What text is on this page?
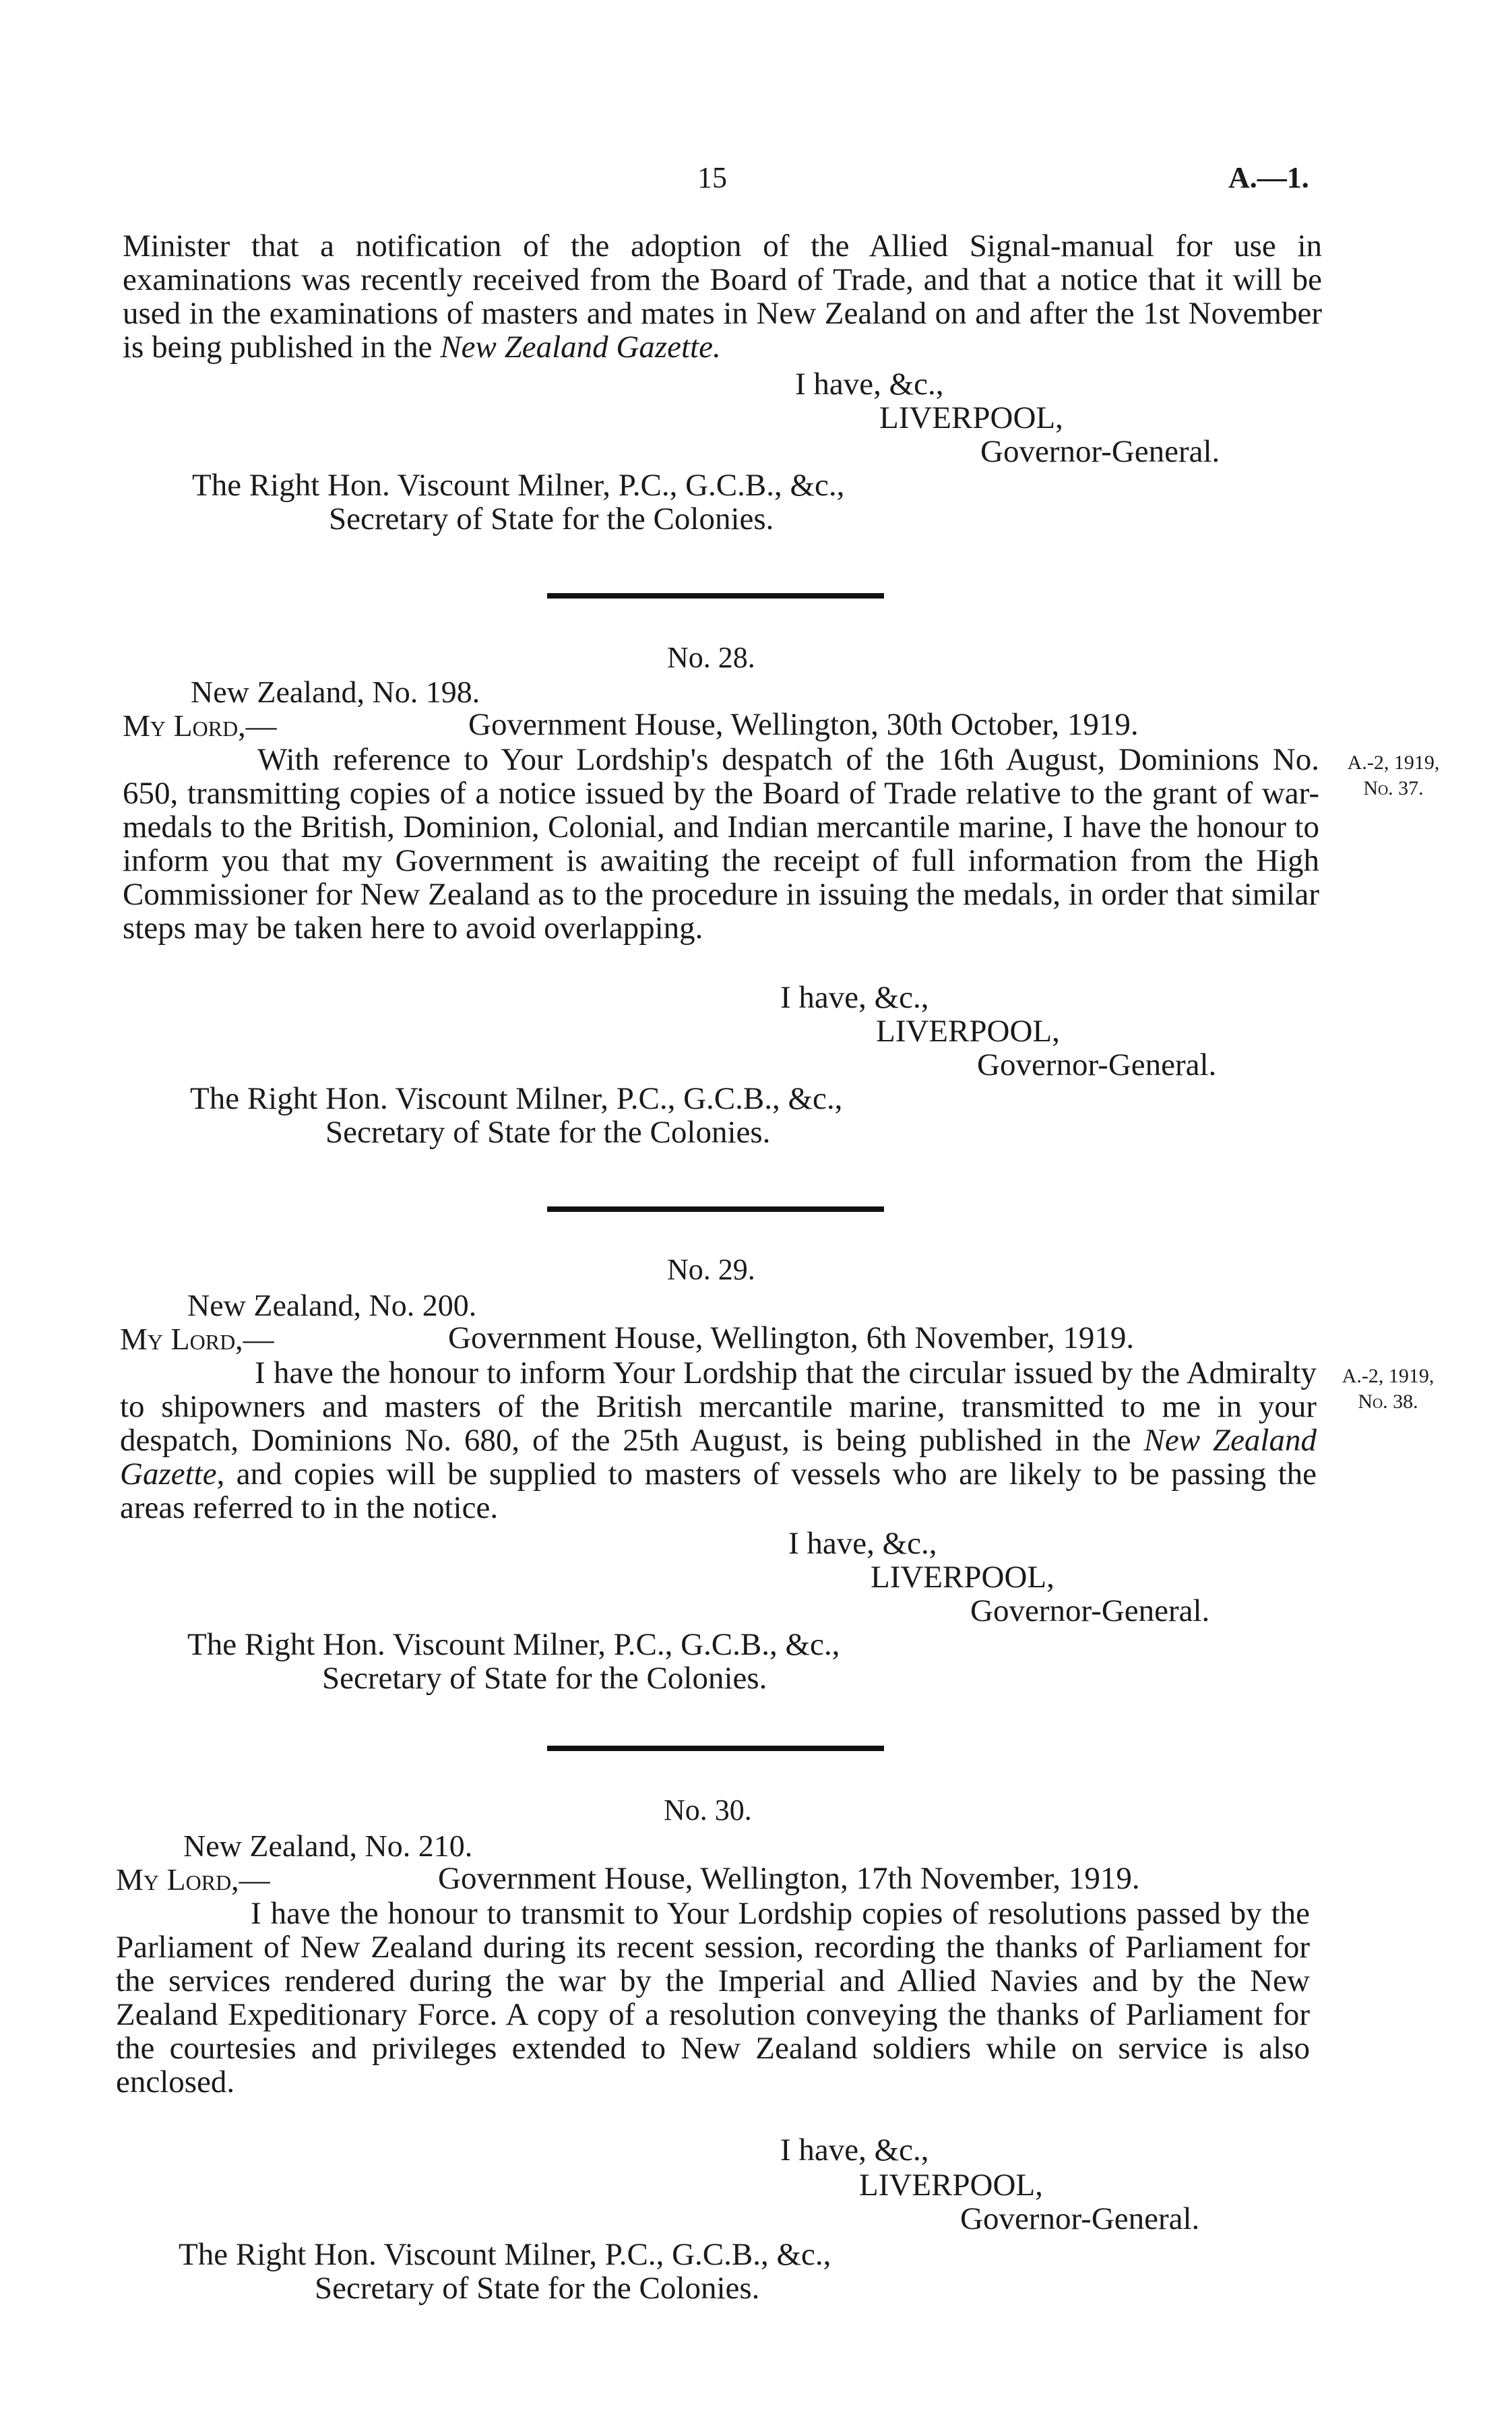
15	A.—1.

Minister that a notification of the adoption of the Allied Signal-manual for use in examinations was recently received from the Board of Trade, and that a notice that it will be used in the examinations of masters and mates in New Zealand on and after the 1st November is being published in the New Zealand Gazette.

I have, &c.,
LIVERPOOL,
Governor-General.
The Right Hon. Viscount Milner, P.C., G.C.B., &c.,
Secretary of State for the Colonies.
No. 28.
New Zealand, No. 198.
My Lord,—	Government House, Wellington, 30th October, 1919.

With reference to Your Lordship's despatch of the 16th August, Dominions No. 650, transmitting copies of a notice issued by the Board of Trade relative to the grant of war-medals to the British, Dominion, Colonial, and Indian mercantile marine, I have the honour to inform you that my Government is awaiting the receipt of full information from the High Commissioner for New Zealand as to the procedure in issuing the medals, in order that similar steps may be taken here to avoid overlapping.

A.-2, 1919,
No. 37.
I have, &c.,
LIVERPOOL,
Governor-General.
The Right Hon. Viscount Milner, P.C., G.C.B., &c.,
Secretary of State for the Colonies.
No. 29.
New Zealand, No. 200.
My Lord,—	Government House, Wellington, 6th November, 1919.

I have the honour to inform Your Lordship that the circular issued by the Admiralty to shipowners and masters of the British mercantile marine, transmitted to me in your despatch, Dominions No. 680, of the 25th August, is being published in the New Zealand Gazette, and copies will be supplied to masters of vessels who are likely to be passing the areas referred to in the notice.

A.-2, 1919,
No. 38.
I have, &c.,
LIVERPOOL,
Governor-General.
The Right Hon. Viscount Milner, P.C., G.C.B., &c.,
Secretary of State for the Colonies.
No. 30.
New Zealand, No. 210.
My Lord,—	Government House, Wellington, 17th November, 1919.

I have the honour to transmit to Your Lordship copies of resolutions passed by the Parliament of New Zealand during its recent session, recording the thanks of Parliament for the services rendered during the war by the Imperial and Allied Navies and by the New Zealand Expeditionary Force. A copy of a resolution conveying the thanks of Parliament for the courtesies and privileges extended to New Zealand soldiers while on service is also enclosed.

I have, &c.,
LIVERPOOL,
Governor-General.
The Right Hon. Viscount Milner, P.C., G.C.B., &c.,
Secretary of State for the Colonies.
